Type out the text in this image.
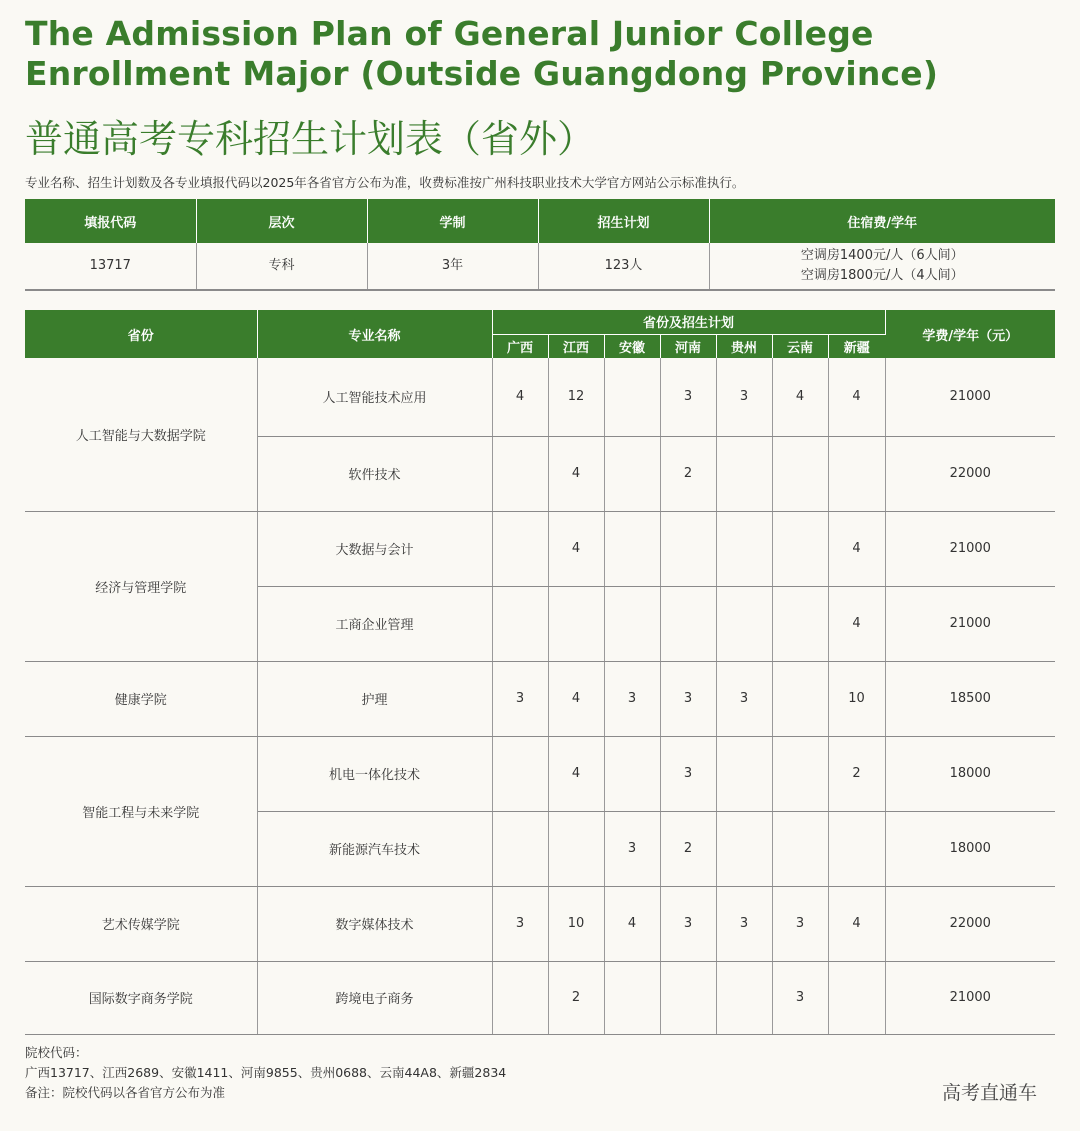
The Admission Plan of General Junior College
Enrollment Major (Outside Guangdong Province)
普通高考专科招生计划表（省外）
专业名称、招生计划数及各专业填报代码以2025年各省官方公布为准，收费标准按广州科技职业技术大学官方网站公示标准执行。
填报代码	层次	学制	招生计划	住宿费/学年
13717	专科	3年	123人	空调房1400元/人（6人间）
空调房1800元/人（4人间）
省份	专业名称	省份及招生计划							学费/学年（元）
		广西	江西	安徽	河南	贵州	云南	新疆	
人工智能与大数据学院	人工智能技术应用	4	12		3	3	4	4	21000
	软件技术		4		2				22000
经济与管理学院	大数据与会计		4					4	21000
	工商企业管理							4	21000
健康学院	护理	3	4	3	3	3		10	18500
智能工程与未来学院	机电一体化技术		4		3			2	18000
	新能源汽车技术			3	2				18000
艺术传媒学院	数字媒体技术	3	10	4	3	3	3	4	22000
国际数字商务学院	跨境电子商务		2				3		21000
院校代码：
广西13717、江西2689、安徽1411、河南9855、贵州0688、云南44A8、新疆2834
备注：院校代码以各省官方公布为准	高考直通车
